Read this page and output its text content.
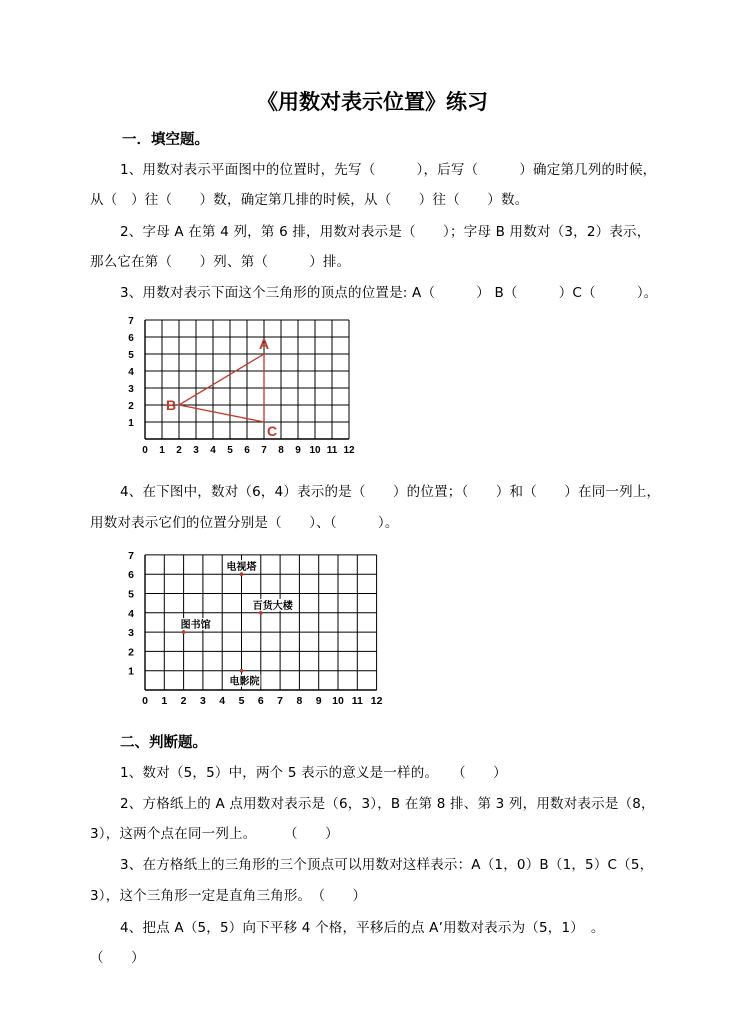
《用数对表示位置》练习
一．填空题。
1、用数对表示平面图中的位置时，先写（　　　），后写（　　　）确定第几列的时候，
从（　）往（　　）数，确定第几排的时候，从（　　）往（　　）数。
2、字母 A 在第 4 列，第 6 排，用数对表示是（　　）；字母 B 用数对（3，2）表示，
那么它在第（　　）列、第（　　　）排。
3、用数对表示下面这个三角形的顶点的位置是: A（　　　） B（　　　）C（　　　）。
0 1 2 3 4 5 6 7 8 9 10 11 12
1
2
3
4
5
6
7
A
B
C
4、在下图中，数对（6，4）表示的是（　　）的位置；（　　）和（　　）在同一列上，
用数对表示它们的位置分别是（　　）、（　　　）。
0 1 2 3 4 5 6 7 8 9 10 11 12
1
2
3
4
5
6
7
电视塔
百货大楼
图书馆
电影院
二、判断题。
1、数对（5，5）中，两个 5 表示的意义是一样的。　　（　　）
2、方格纸上的 A 点用数对表示是（6，3），B 在第 8 排、第 3 列，用数对表示是（8，
3），这两个点在同一列上。　　　（　　）
3、在方格纸上的三角形的三个顶点可以用数对这样表示：A（1，0）B（1，5）C（5，
3），这个三角形一定是直角三角形。　（　　）
4、把点 A（5，5）向下平移 4 个格，平移后的点 A’用数对表示为（5，1）　。
（　　）
